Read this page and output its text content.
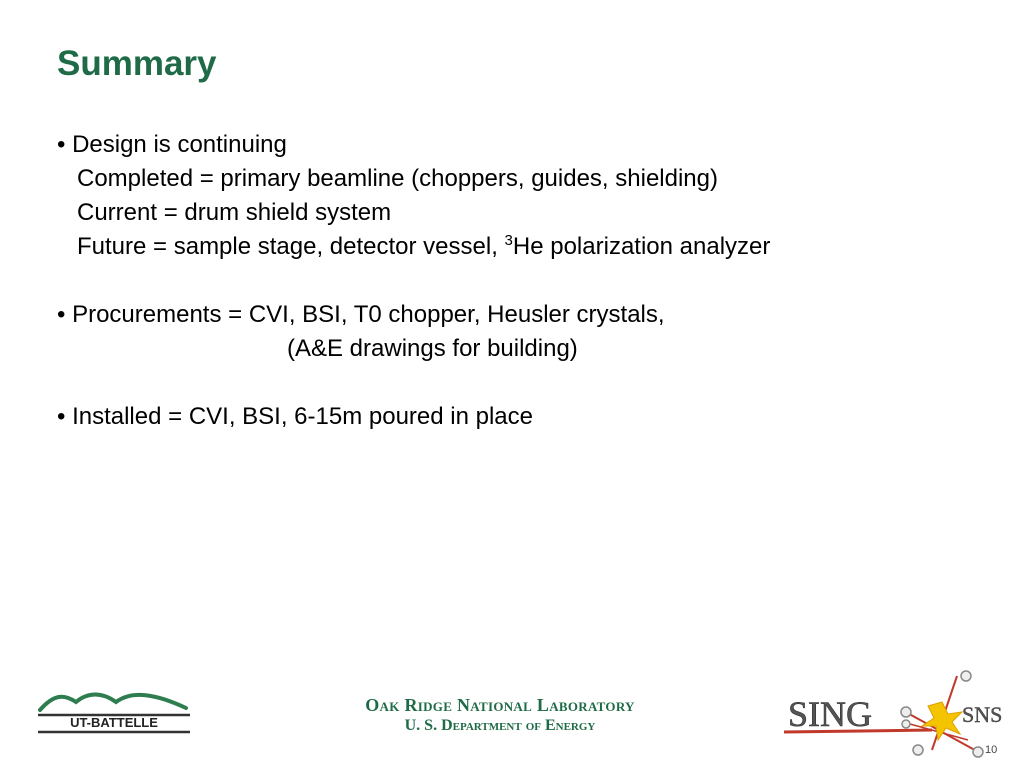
Summary
• Design is continuing
Completed = primary beamline (choppers, guides, shielding)
Current = drum shield system
Future = sample stage, detector vessel, $^3$He polarization analyzer
• Procurements = CVI, BSI, T0 chopper, Heusler crystals,
(A&E drawings for building)
• Installed = CVI, BSI, 6-15m poured in place
UT-BATTELLE
Oak Ridge National Laboratory
U. S. Department of Energy	SING	SNS
10
